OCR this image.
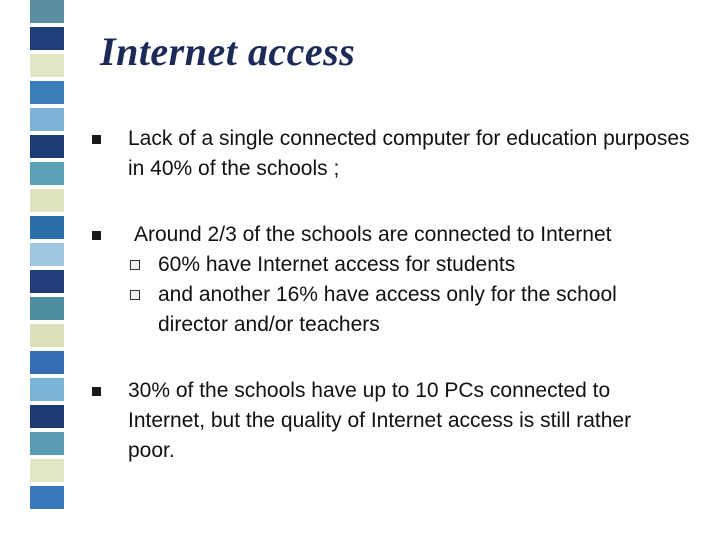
Internet access
Lack of a single connected computer for education purposes in 40% of the schools ;
Around 2/3 of the schools are connected to Internet
60% have Internet access for students
and another 16% have access only for the school director and/or teachers
30% of the schools have up to 10 PCs connected to Internet, but the quality of Internet access is still rather poor.
